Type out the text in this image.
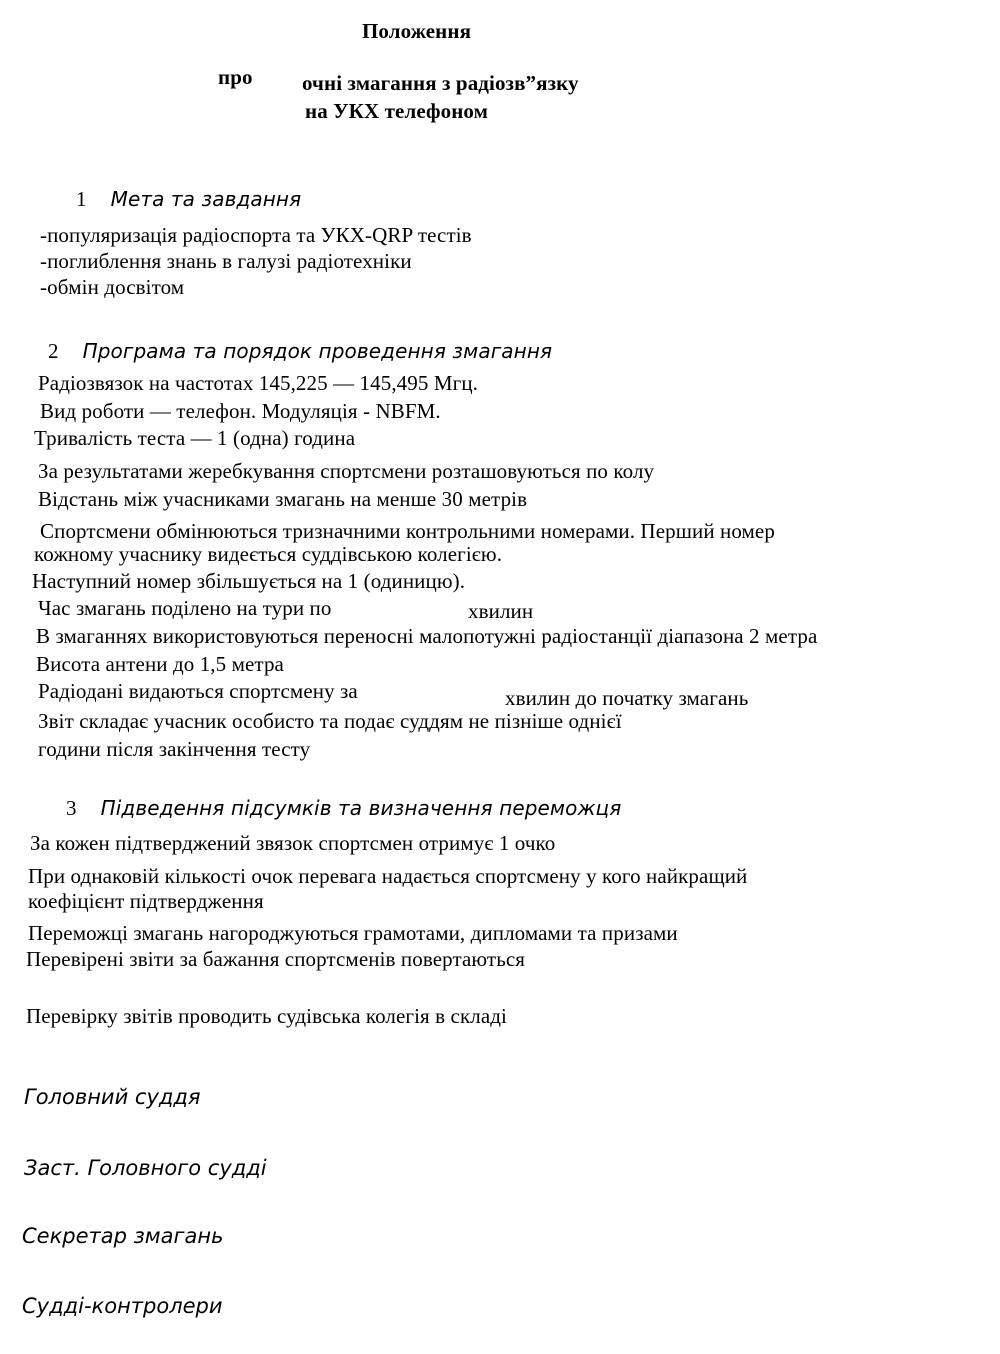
Положення
про очні змагання з радіозв”язку
на УКХ телефоном
1 Мета та завдання
-популяризація радіоспорта та УКХ-QRP тестів
-поглиблення знань в галузі радіотехніки
-обмін досвітом
2 Програма та порядок проведення змагання
Радіозвязок на частотах 145,225 — 145,495 Мгц.
Вид роботи — телефон. Модуляція - NBFM.
Тривалість теста — 1 (одна) година
За результатами жеребкування спортсмени розташовуються по колу
Відстань між учасниками змагань на менше 30 метрів
Спортсмени обмінюються тризначними контрольними номерами. Перший номер
кожному учаснику видеється суддівською колегією.
Наступний номер збільшується на 1 (одиницю).
Час змагань поділено на тури по	хвилин
В змаганнях використовуються переносні малопотужні радіостанції діапазона 2 метра
Висота антени до 1,5 метра
Радіодані видаються спортсмену за	хвилин до початку змагань
Звіт складає учасник особисто та подає суддям не пізніше однієї
години після закінчення тесту
3 Підведення підсумків та визначення переможця
За кожен підтверджений звязок спортсмен отримує 1 очко
При однаковій кількості очок перевага надається спортсмену у кого найкращий
коефіцієнт підтвердження
Переможці змагань нагороджуються грамотами, дипломами та призами
Перевірені звіти за бажання спортсменів повертаються
Перевірку звітів проводить судівська колегія в складі
Головний суддя
Заст. Головного судді
Секретар змагань
Судді-контролери
